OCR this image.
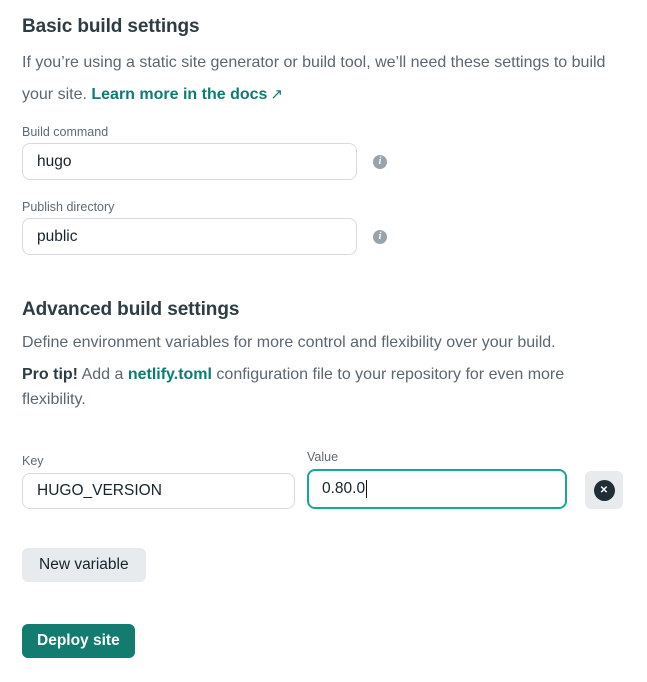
Basic build settings

If you’re using a static site generator or build tool, we’ll need these settings to build your site. Learn more in the docs ↗

Build command
hugo
i
Publish directory
public
i
Advanced build settings

Define environment variables for more control and flexibility over your build.

Pro tip! Add a netlify.toml configuration file to your repository for even more flexibility.

Key
HUGO_VERSION	Value
0.80.0	✕
New variable
Deploy site
